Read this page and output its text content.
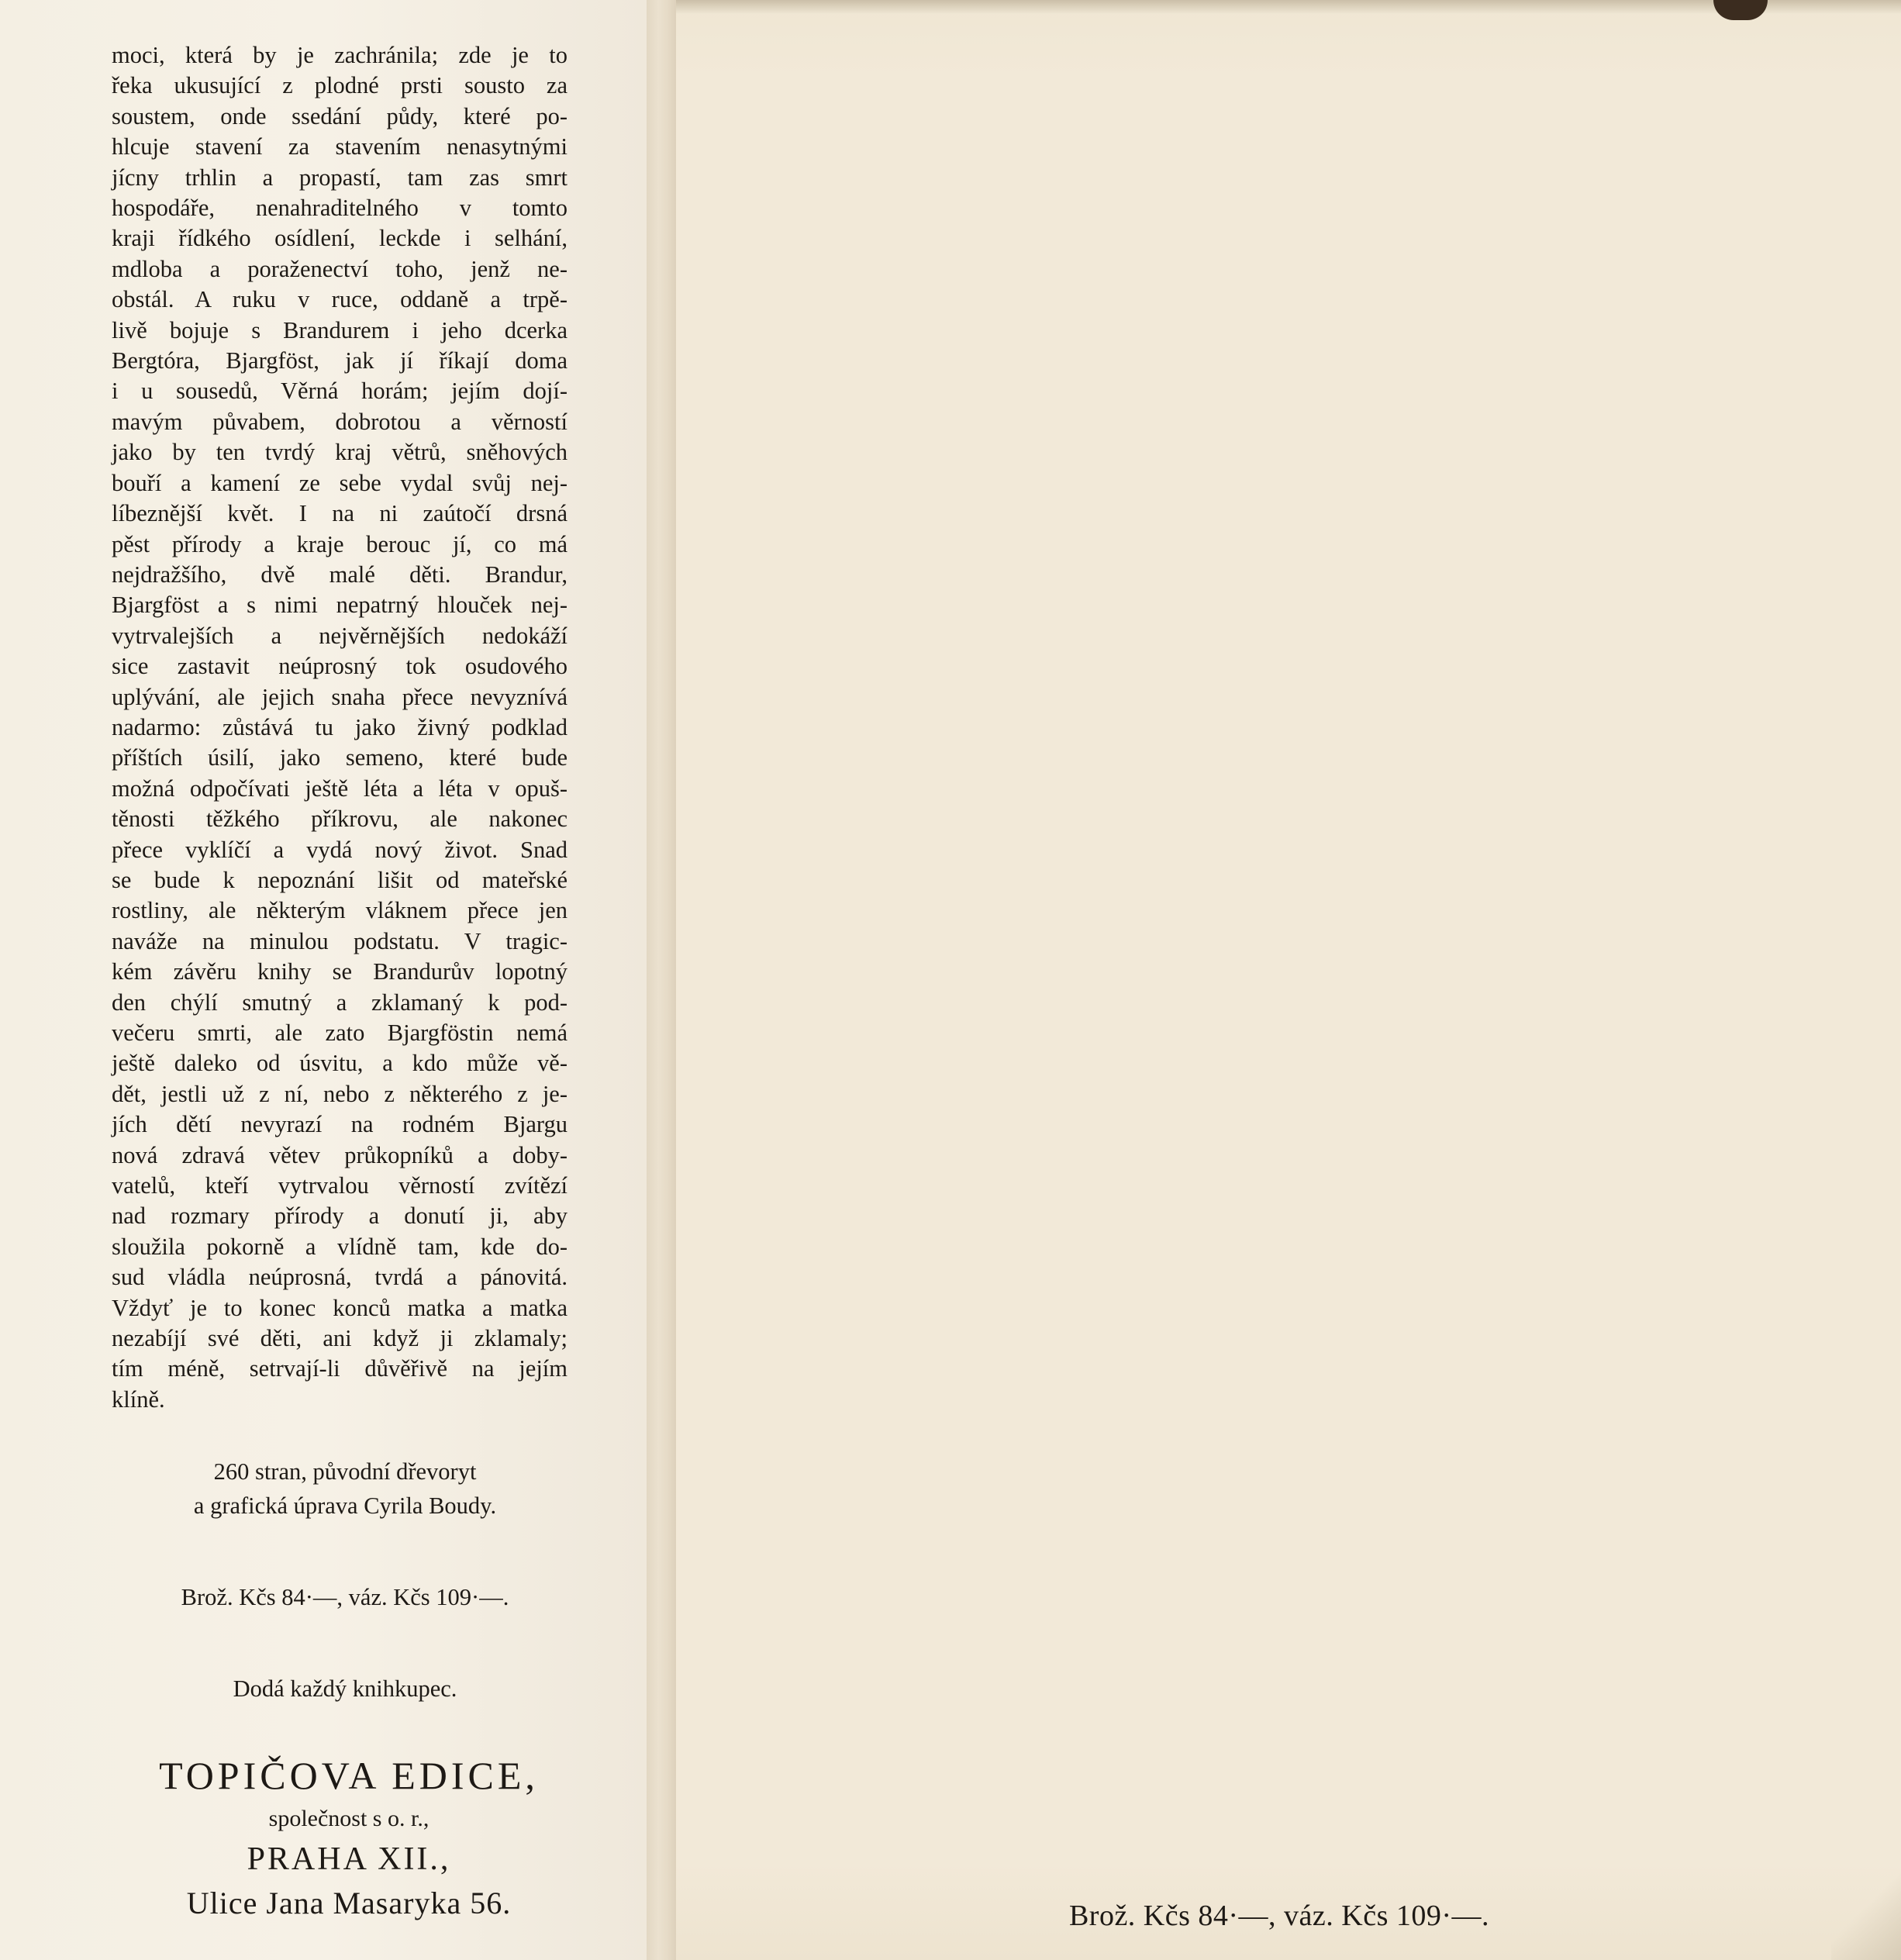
moci, která by je zachránila; zde je to
řeka ukusující z plodné prsti sousto za
soustem, onde ssedání půdy, které po-
hlcuje stavení za stavením nenasytnými
jícny trhlin a propastí, tam zas smrt
hospodáře, nenahraditelného v tomto
kraji řídkého osídlení, leckde i selhání,
mdloba a poraženectví toho, jenž ne-
obstál. A ruku v ruce, oddaně a trpě-
livě bojuje s Brandurem i jeho dcerka
Bergtóra, Bjargföst, jak jí říkají doma
i u sousedů, Věrná horám; jejím dojí-
mavým půvabem, dobrotou a věrností
jako by ten tvrdý kraj větrů, sněhových
bouří a kamení ze sebe vydal svůj nej-
líbeznější květ. I na ni zaútočí drsná
pěst přírody a kraje berouc jí, co má
nejdražšího, dvě malé děti. Brandur,
Bjargföst a s nimi nepatrný hlouček nej-
vytrvalejších a nejvěrnějších nedokáží
sice zastavit neúprosný tok osudového
uplývání, ale jejich snaha přece nevyznívá
nadarmo: zůstává tu jako živný podklad
příštích úsilí, jako semeno, které bude
možná odpočívati ještě léta a léta v opuš-
těnosti těžkého příkrovu, ale nakonec
přece vyklíčí a vydá nový život. Snad
se bude k nepoznání lišit od mateřské
rostliny, ale některým vláknem přece jen
naváže na minulou podstatu. V tragic-
kém závěru knihy se Brandurův lopotný
den chýlí smutný a zklamaný k pod-
večeru smrti, ale zato Bjargföstin nemá
ještě daleko od úsvitu, a kdo může vě-
dět, jestli už z ní, nebo z některého z je-
jích dětí nevyrazí na rodném Bjargu
nová zdravá větev průkopníků a doby-
vatelů, kteří vytrvalou věrností zvítězí
nad rozmary přírody a donutí ji, aby
sloužila pokorně a vlídně tam, kde do-
sud vládla neúprosná, tvrdá a pánovitá.
Vždyť je to konec konců matka a matka
nezabíjí své děti, ani když ji zklamaly;
tím méně, setrvají-li důvěřivě na jejím
klíně.
260 stran, původní dřevoryt
a grafická úprava Cyrila Boudy.
Brož. Kčs 84·—, váz. Kčs 109·—.
Dodá každý knihkupec.
TOPIČOVA EDICE,
společnost s o. r.,
PRAHA XII.,
Ulice Jana Masaryka 56.	Brož. Kčs 84·—, váz. Kčs 109·—.
